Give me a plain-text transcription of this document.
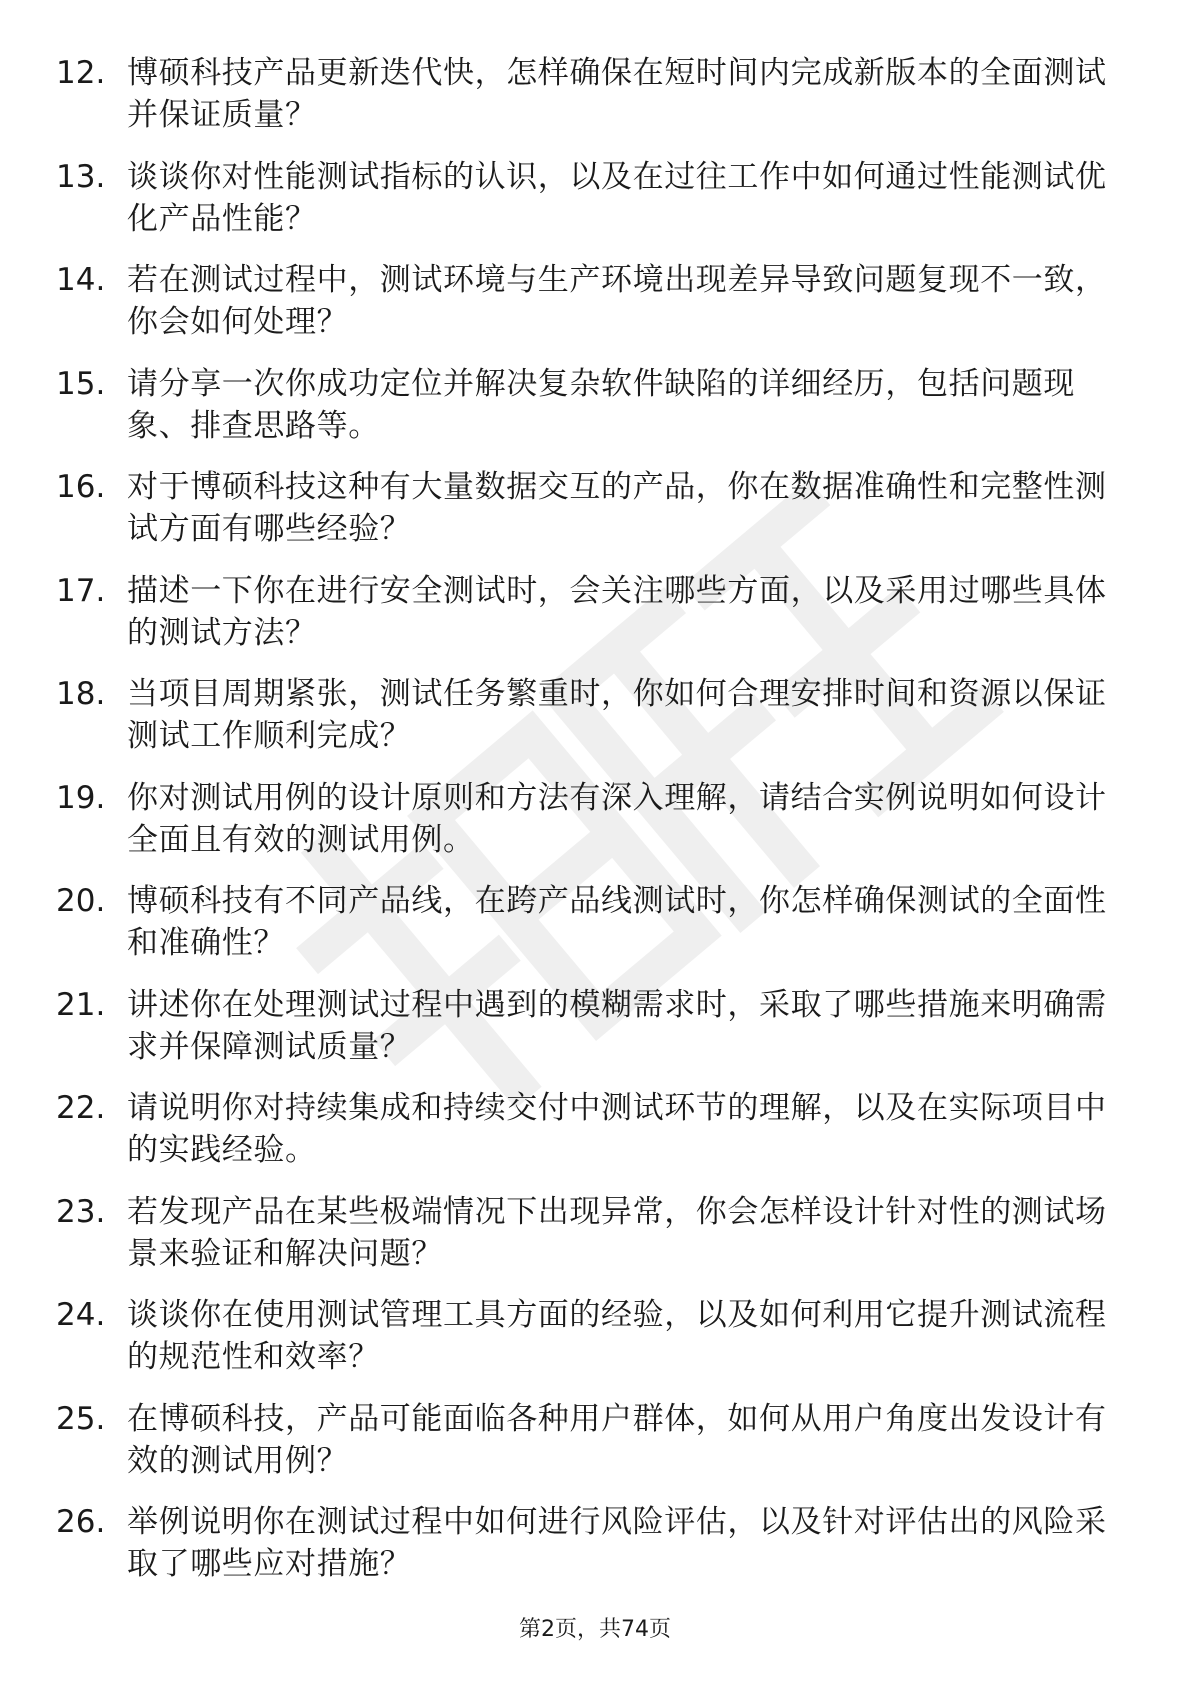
12. 博硕科技产品更新迭代快，怎样确保在短时间内完成新版本的全面测试并保证质量？
13. 谈谈你对性能测试指标的认识，以及在过往工作中如何通过性能测试优化产品性能？
14. 若在测试过程中，测试环境与生产环境出现差异导致问题复现不一致，你会如何处理？
15. 请分享一次你成功定位并解决复杂软件缺陷的详细经历，包括问题现象、排查思路等。
16. 对于博硕科技这种有大量数据交互的产品，你在数据准确性和完整性测试方面有哪些经验？
17. 描述一下你在进行安全测试时，会关注哪些方面，以及采用过哪些具体的测试方法？
18. 当项目周期紧张，测试任务繁重时，你如何合理安排时间和资源以保证测试工作顺利完成？
19. 你对测试用例的设计原则和方法有深入理解，请结合实例说明如何设计全面且有效的测试用例。
20. 博硕科技有不同产品线，在跨产品线测试时，你怎样确保测试的全面性和准确性？
21. 讲述你在处理测试过程中遇到的模糊需求时，采取了哪些措施来明确需求并保障测试质量？
22. 请说明你对持续集成和持续交付中测试环节的理解，以及在实际项目中的实践经验。
23. 若发现产品在某些极端情况下出现异常，你会怎样设计针对性的测试场景来验证和解决问题？
24. 谈谈你在使用测试管理工具方面的经验，以及如何利用它提升测试流程的规范性和效率？
25. 在博硕科技，产品可能面临各种用户群体，如何从用户角度出发设计有效的测试用例？
26. 举例说明你在测试过程中如何进行风险评估，以及针对评估出的风险采取了哪些应对措施？
第2页，共74页
